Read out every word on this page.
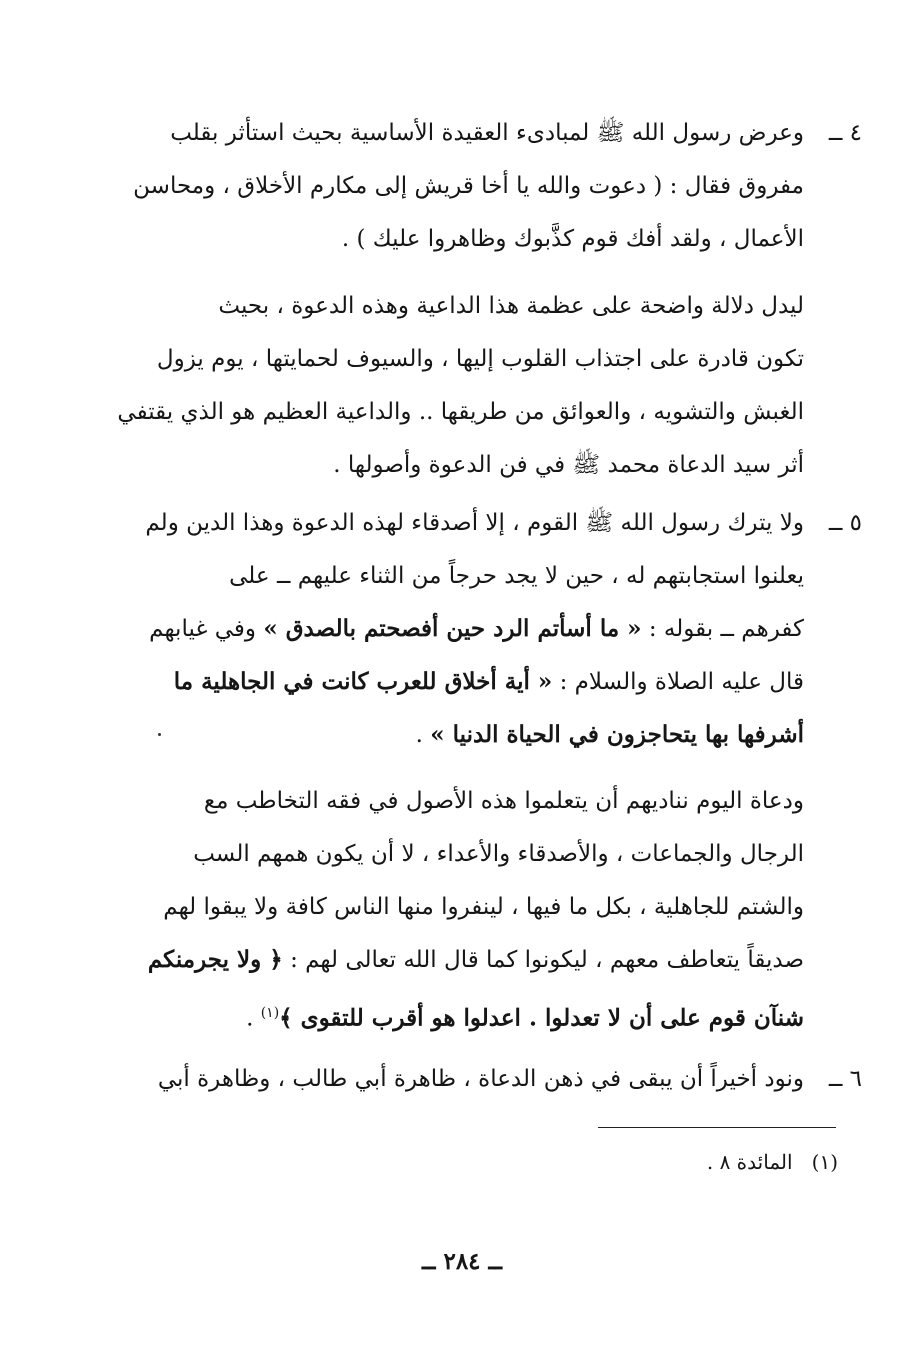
٤ ــ
وعرض رسول الله ﷺ لمبادىء العقيدة الأساسية بحيث استأثر بقلب
مفروق فقال : ( دعوت والله يا أخا قريش إلى مكارم الأخلاق ، ومحاسن
الأعمال ، ولقد أفك قوم كذَّبوك وظاهروا عليك ) .
ليدل دلالة واضحة على عظمة هذا الداعية وهذه الدعوة ، بحيث
تكون قادرة على اجتذاب القلوب إليها ، والسيوف لحمايتها ، يوم يزول
الغبش والتشويه ، والعوائق من طريقها .. والداعية العظيم هو الذي يقتفي
أثر سيد الدعاة محمد ﷺ في فن الدعوة وأصولها .
٥ ــ
ولا يترك رسول الله ﷺ القوم ، إلا أصدقاء لهذه الدعوة وهذا الدين ولم
يعلنوا استجابتهم له ، حين لا يجد حرجاً من الثناء عليهم ــ على
كفرهم ــ بقوله : « ما أسأتم الرد حين أفصحتم بالصدق » وفي غيابهم
قال عليه الصلاة والسلام : « أية أخلاق للعرب كانت في الجاهلية ما
أشرفها بها يتحاجزون في الحياة الدنيا » .
ودعاة اليوم نناديهم أن يتعلموا هذه الأصول في فقه التخاطب مع
الرجال والجماعات ، والأصدقاء والأعداء ، لا أن يكون همهم السب
والشتم للجاهلية ، بكل ما فيها ، لينفروا منها الناس كافة ولا يبقوا لهم
صديقاً يتعاطف معهم ، ليكونوا كما قال الله تعالى لهم : ﴿ ولا يجرمنكم
شنآن قوم على أن لا تعدلوا . اعدلوا هو أقرب للتقوى ﴾$^{(١)}$ .
٦ ــ
ونود أخيراً أن يبقى في ذهن الدعاة ، ظاهرة أبي طالب ، وظاهرة أبي
(١)   المائدة ٨ .
ــ ٢٨٤ ــ
